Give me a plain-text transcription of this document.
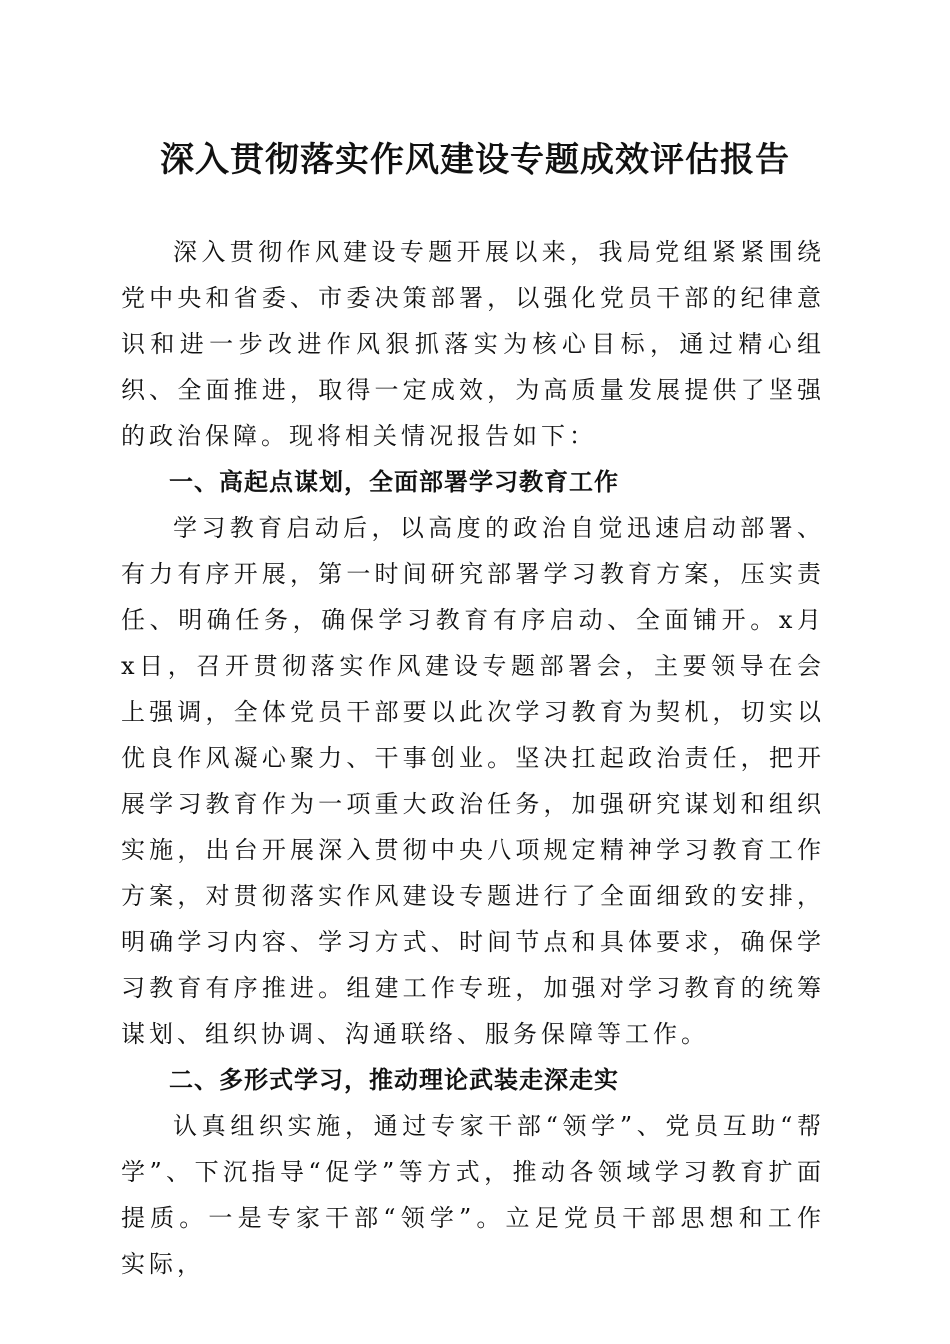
深入贯彻落实作风建设专题成效评估报告

深入贯彻作风建设专题开展以来，我局党组紧紧围绕党中央和省委、市委决策部署，以强化党员干部的纪律意识和进一步改进作风狠抓落实为核心目标，通过精心组织、全面推进，取得一定成效，为高质量发展提供了坚强的政治保障。现将相关情况报告如下：

一、高起点谋划，全面部署学习教育工作

学习教育启动后，以高度的政治自觉迅速启动部署、有力有序开展，第一时间研究部署学习教育方案，压实责任、明确任务，确保学习教育有序启动、全面铺开。x月x日，召开贯彻落实作风建设专题部署会，主要领导在会上强调，全体党员干部要以此次学习教育为契机，切实以优良作风凝心聚力、干事创业。坚决扛起政治责任，把开展学习教育作为一项重大政治任务，加强研究谋划和组织实施，出台开展深入贯彻中央八项规定精神学习教育工作方案，对贯彻落实作风建设专题进行了全面细致的安排，明确学习内容、学习方式、时间节点和具体要求，确保学习教育有序推进。组建工作专班，加强对学习教育的统筹谋划、组织协调、沟通联络、服务保障等工作。

二、多形式学习，推动理论武装走深走实

认真组织实施，通过专家干部“领学”、党员互助“帮学”、下沉指导“促学”等方式，推动各领域学习教育扩面提质。一是专家干部“领学”。立足党员干部思想和工作实际，
